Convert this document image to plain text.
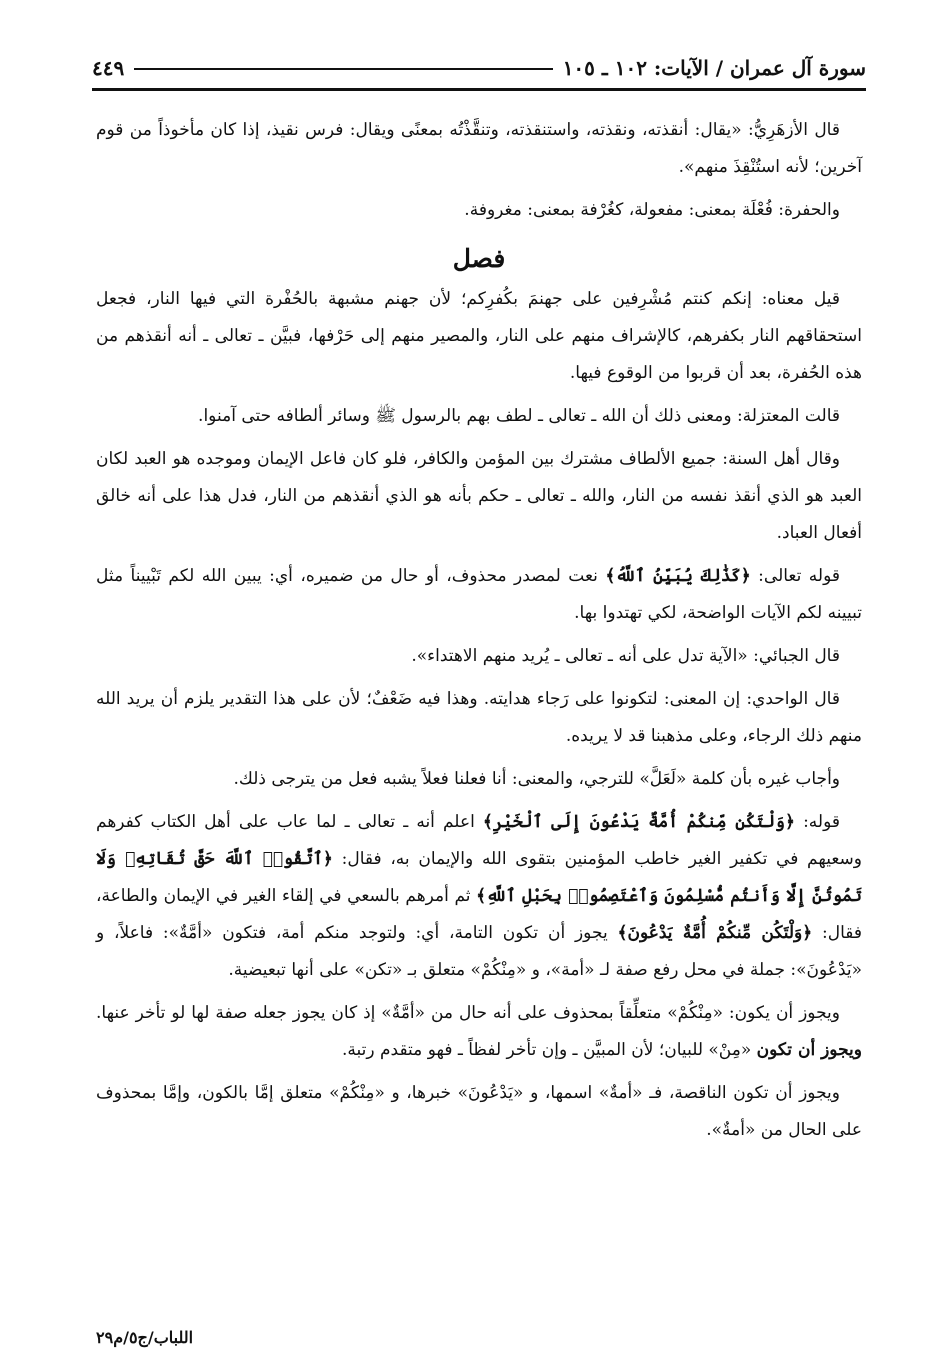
سورة آل عمران / الآيات: ١٠٢ ـ ١٠٥
٤٤٩

قال الأزهَرِيُّ: «يقال: أنقذته، ونقذته، واستنقذته، وتنقَّذْتُه بمعنًى ويقال: فرس نقيذ، إذا كان مأخوذاً من قوم آخرين؛ لأنه استُنْقِذَ منهم».

والحفرة: فُعْلَة بمعنى: مفعولة، كغُرْفة بمعنى: مغروفة.

فصل

قيل معناه: إنكم كنتم مُشْرِفين على جهنمَ بكُفرِكم؛ لأن جهنم مشبهة بالحُفْرة التي فيها النار، فجعل استحقاقهم النار بكفرهم، كالإشراف منهم على النار، والمصير منهم إلى حَرْفها، فبيَّن ـ تعالى ـ أنه أنقذهم من هذه الحُفرة، بعد أن قربوا من الوقوع فيها.

قالت المعتزلة: ومعنى ذلك أن الله ـ تعالى ـ لطف بهم بالرسول ﷺ وسائر ألطافه حتى آمنوا.

وقال أهل السنة: جميع الألطاف مشترك بين المؤمن والكافر، فلو كان فاعل الإيمان وموجده هو العبد لكان العبد هو الذي أنقذ نفسه من النار، والله ـ تعالى ـ حكم بأنه هو الذي أنقذهم من النار، فدل هذا على أنه خالق أفعال العباد.

قوله تعالى: ﴿كَذَٰلِكَ يُبَيِّنُ ٱللَّهُ﴾ نعت لمصدر محذوف، أو حال من ضميره، أي: يبين الله لكم تَبْييناً مثل تبيينه لكم الآيات الواضحة، لكي تهتدوا بها.

قال الجبائي: «الآية تدل على أنه ـ تعالى ـ يُريد منهم الاهتداء».

قال الواحدي: إن المعنى: لتكونوا على رَجاء هدايته. وهذا فيه ضَعْفٌ؛ لأن على هذا التقدير يلزم أن يريد الله منهم ذلك الرجاء، وعلى مذهبنا قد لا يريده.

وأجاب غيره بأن كلمة «لَعَلَّ» للترجي، والمعنى: أنا فعلنا فعلاً يشبه فعل من يترجى ذلك.

قوله: ﴿وَلْتَكُن مِّنكُمْ أُمَّةٌ يَدْعُونَ إِلَى ٱلْخَيْرِ﴾ اعلم أنه ـ تعالى ـ لما عاب على أهل الكتاب كفرهم وسعيهم في تكفير الغير خاطب المؤمنين بتقوى الله والإيمان به، فقال: ﴿ٱتَّقُوا۟ ٱللَّهَ حَقَّ تُقَاتِهِۦ وَلَا تَمُوتُنَّ إِلَّا وَأَنتُم مُّسْلِمُونَ وَٱعْتَصِمُوا۟ بِحَبْلِ ٱللَّهِ﴾ ثم أمرهم بالسعي في إلقاء الغير في الإيمان والطاعة، فقال: ﴿وَلْتَكُن مِّنكُمْ أُمَّةٌ يَدْعُونَ﴾ يجوز أن تكون التامة، أي: ولتوجد منكم أمة، فتكون «أمَّةٌ»: فاعلاً، و «يَدْعُونَ»: جملة في محل رفع صفة لـ «أمة»، و «مِنْكُمْ» متعلق بـ «تكن» على أنها تبعيضية.

ويجوز أن يكون: «مِنْكُمْ» متعلِّقاً بمحذوف على أنه حال من «أمَّةٌ» إذ كان يجوز جعله صفة لها لو تأخر عنها. ويجوز أن تكون «مِنْ» للبيان؛ لأن المبيَّن ـ وإن تأخر لفظاً ـ فهو متقدم رتبة.

ويجوز أن تكون الناقصة، فـ «أمةٌ» اسمها، و «يَدْعُونَ» خبرها، و «مِنْكُمْ» متعلق إمَّا بالكون، وإمَّا بمحذوف على الحال من «أمةٌ».

اللباب/ج٥/م٢٩
